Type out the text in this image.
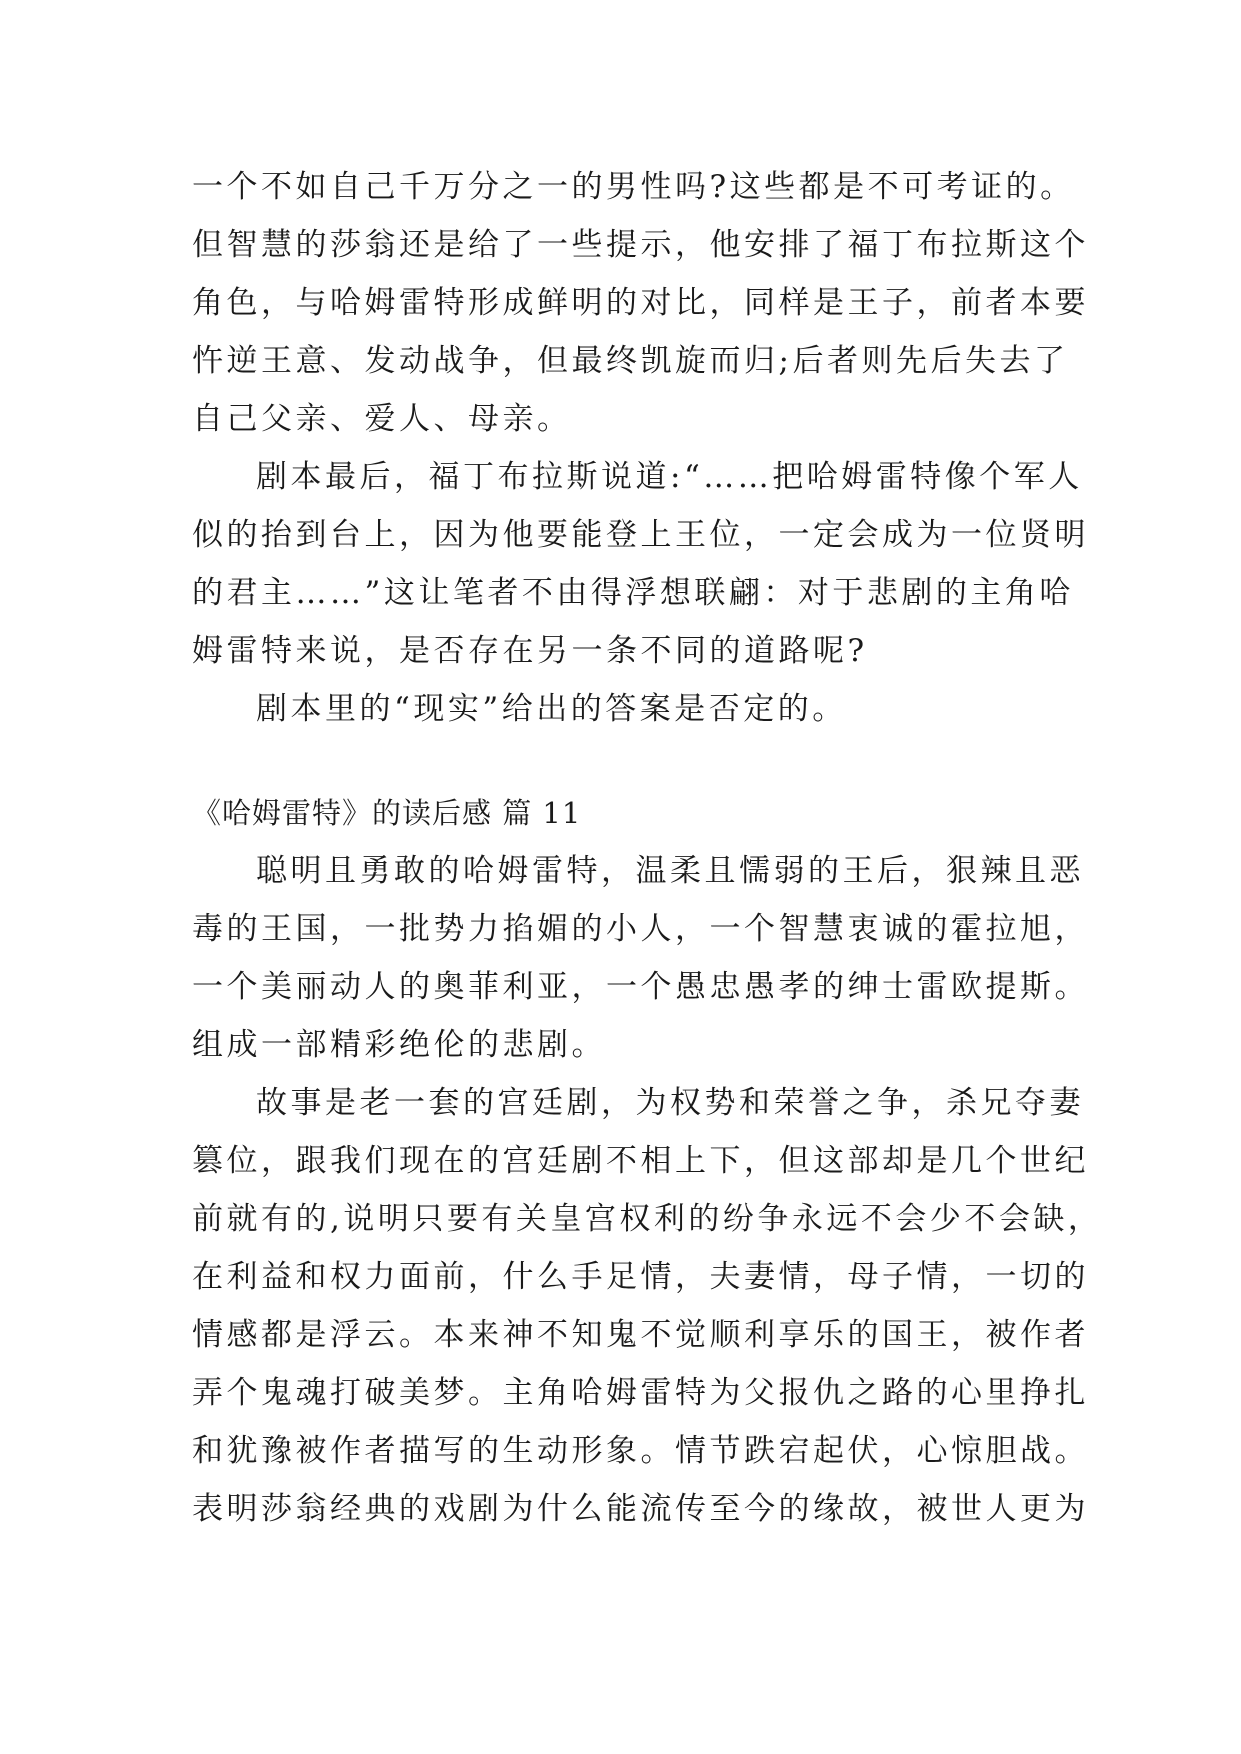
一个不如自己千万分之一的男性吗?这些都是不可考证的。
但智慧的莎翁还是给了一些提示，他安排了福丁布拉斯这个
角色，与哈姆雷特形成鲜明的对比，同样是王子，前者本要
忤逆王意、发动战争，但最终凯旋而归;后者则先后失去了
自己父亲、爱人、母亲。
剧本最后，福丁布拉斯说道:“……把哈姆雷特像个军人
似的抬到台上，因为他要能登上王位，一定会成为一位贤明
的君主……”这让笔者不由得浮想联翩：对于悲剧的主角哈
姆雷特来说，是否存在另一条不同的道路呢?
剧本里的“现实”给出的答案是否定的。
《哈姆雷特》的读后感 篇 11
聪明且勇敢的哈姆雷特，温柔且懦弱的王后，狠辣且恶
毒的王国，一批势力掐媚的小人，一个智慧衷诚的霍拉旭，
一个美丽动人的奥菲利亚，一个愚忠愚孝的绅士雷欧提斯。
组成一部精彩绝伦的悲剧。
故事是老一套的宫廷剧，为权势和荣誉之争，杀兄夺妻
篡位，跟我们现在的宫廷剧不相上下，但这部却是几个世纪
前就有的,说明只要有关皇宫权利的纷争永远不会少不会缺，
在利益和权力面前，什么手足情，夫妻情，母子情，一切的
情感都是浮云。本来神不知鬼不觉顺利享乐的国王，被作者
弄个鬼魂打破美梦。主角哈姆雷特为父报仇之路的心里挣扎
和犹豫被作者描写的生动形象。情节跌宕起伏，心惊胆战。
表明莎翁经典的戏剧为什么能流传至今的缘故，被世人更为
